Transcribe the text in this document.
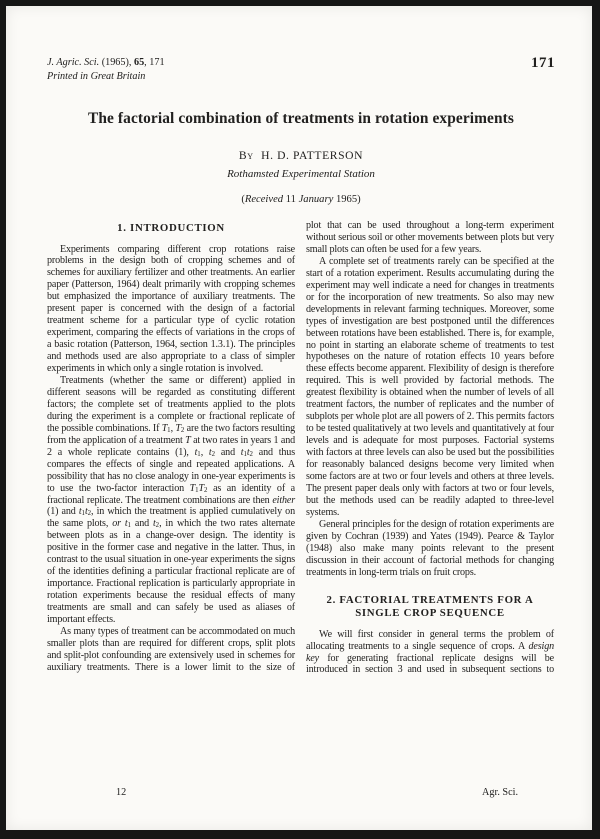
J. Agric. Sci. (1965), 65, 171
Printed in Great Britain
171
The factorial combination of treatments in rotation experiments
By H. D. PATTERSON
Rothamsted Experimental Station
(Received 11 January 1965)
1. INTRODUCTION

Experiments comparing different crop rotations raise problems in the design both of cropping schemes and of schemes for auxiliary fertilizer and other treatments. An earlier paper (Patterson, 1964) dealt primarily with cropping schemes but emphasized the importance of auxiliary treatments. The present paper is concerned with the design of a factorial treatment scheme for a particular type of cyclic rotation experiment, comparing the effects of variations in the crops of a basic rotation (Patterson, 1964, section 1.3.1). The principles and methods used are also appropriate to a class of simpler experiments in which only a single rotation is involved.

Treatments (whether the same or different) applied in different seasons will be regarded as constituting different factors; the complete set of treatments applied to the plots during the experiment is a complete or fractional replicate of the possible combinations. If $T_1$, $T_2$ are the two factors resulting from the application of a treatment T at two rates in years 1 and 2 a whole replicate contains (1), $t_1$, $t_2$ and $t_1t_2$ and thus compares the effects of single and repeated applications. A possibility that has no close analogy in one-year experiments is to use the two-factor interaction $T_1T_2$ as an identity of a fractional replicate. The treatment combinations are then either (1) and $t_1t_2$, in which the treatment is applied cumulatively on the same plots, or $t_1$ and $t_2$, in which the two rates alternate between plots as in a change-over design. The identity is positive in the former case and negative in the latter. Thus, in contrast to the usual situation in one-year experiments the signs of the identities defining a particular fractional replicate are of importance. Fractional replication is particularly appropriate in rotation experiments because the residual effects of many treatments are small and can safely be used as aliases of important effects.

As many types of treatment can be accommodated on much smaller plots than are required for different crops, split plots and split-plot confounding are extensively used in schemes for auxiliary treatments. There is a lower limit to the size of

plot that can be used throughout a long-term experiment without serious soil or other movements between plots but very small plots can often be used for a few years.

A complete set of treatments rarely can be specified at the start of a rotation experiment. Results accumulating during the experiment may well indicate a need for changes in treatments or for the incorporation of new treatments. So also may new developments in relevant farming techniques. Moreover, some types of investigation are best postponed until the differences between rotations have been established. There is, for example, no point in starting an elaborate scheme of treatments to test hypotheses on the nature of rotation effects 10 years before these effects become apparent. Flexibility of design is therefore required. This is well provided by factorial methods. The greatest flexibility is obtained when the number of levels of all treatment factors, the number of replicates and the number of subplots per whole plot are all powers of 2. This permits factors to be tested qualitatively at two levels and quantitatively at four levels and is adequate for most purposes. Factorial systems with factors at three levels can also be used but the possibilities for reasonably balanced designs become very limited when some factors are at two or four levels and others at three levels. The present paper deals only with factors at two or four levels, but the methods used can be readily adapted to three-level systems.

General principles for the design of rotation experiments are given by Cochran (1939) and Yates (1949). Pearce & Taylor (1948) also make many points relevant to the present discussion in their account of factorial methods for changing treatments in long-term trials on fruit crops.

2. FACTORIAL TREATMENTS FOR A
SINGLE CROP SEQUENCE

We will first consider in general terms the problem of allocating treatments to a single sequence of crops. A design key for generating fractional replicate designs will be introduced in section 3 and used in subsequent sections to

12	Agr. Sci.
